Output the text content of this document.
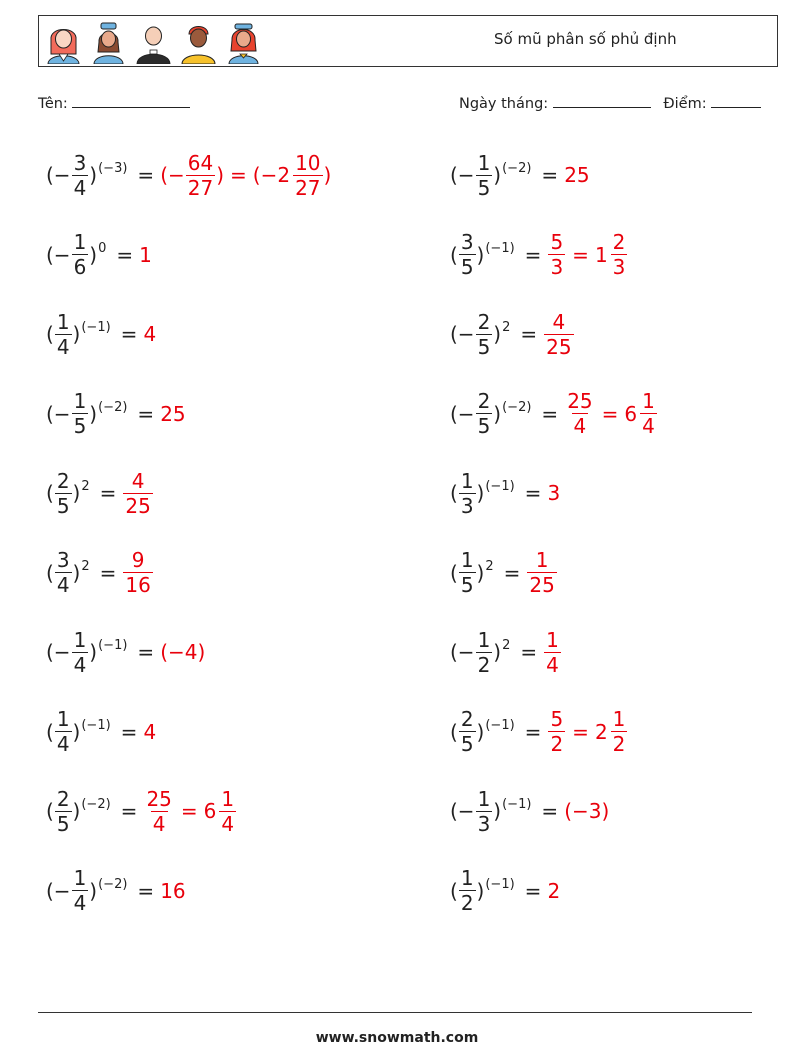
Số mũ phân số phủ định
Tên:	Ngày tháng:	Điểm:
(− $\frac{3}{4}$ ) (−3) = (− $\frac{64}{27}$ ) = ($-2 \frac{10}{27}$ )	(− $\frac{1}{5}$ ) (−2) = 25
(− $\frac{1}{6}$ ) 0 = 1	( $\frac{3}{5}$ ) $(-1) = \frac{5}{3} = 1 \frac{2}{3}$
( $\frac{1}{4}$ ) (−1) = 4	(− $\frac{2}{5}$ ) $2 = \frac{4}{25}$
(− $\frac{1}{5}$ ) (−2) = 25	(− $\frac{2}{5}$ ) $(-2) = \frac{25}{4} = 6 \frac{1}{4}$
( $\frac{2}{5}$ ) $2 = \frac{4}{25}$	( $\frac{1}{3}$ ) (−1) = 3
( $\frac{3}{4}$ ) $2 = \frac{9}{16}$	( $\frac{1}{5}$ ) $2 = \frac{1}{25}$
(− $\frac{1}{4}$ ) (−1) = (−4)	(− $\frac{1}{2}$ ) $2 = \frac{1}{4}$
( $\frac{1}{4}$ ) (−1) = 4	( $\frac{2}{5}$ ) $(-1) = \frac{5}{2} = 2 \frac{1}{2}$
( $\frac{2}{5}$ ) $(-2) = \frac{25}{4} = 6 \frac{1}{4}$	(− $\frac{1}{3}$ ) (−1) = (−3)
(− $\frac{1}{4}$ ) (−2) = 16	( $\frac{1}{2}$ ) (−1) = 2
www.snowmath.com
